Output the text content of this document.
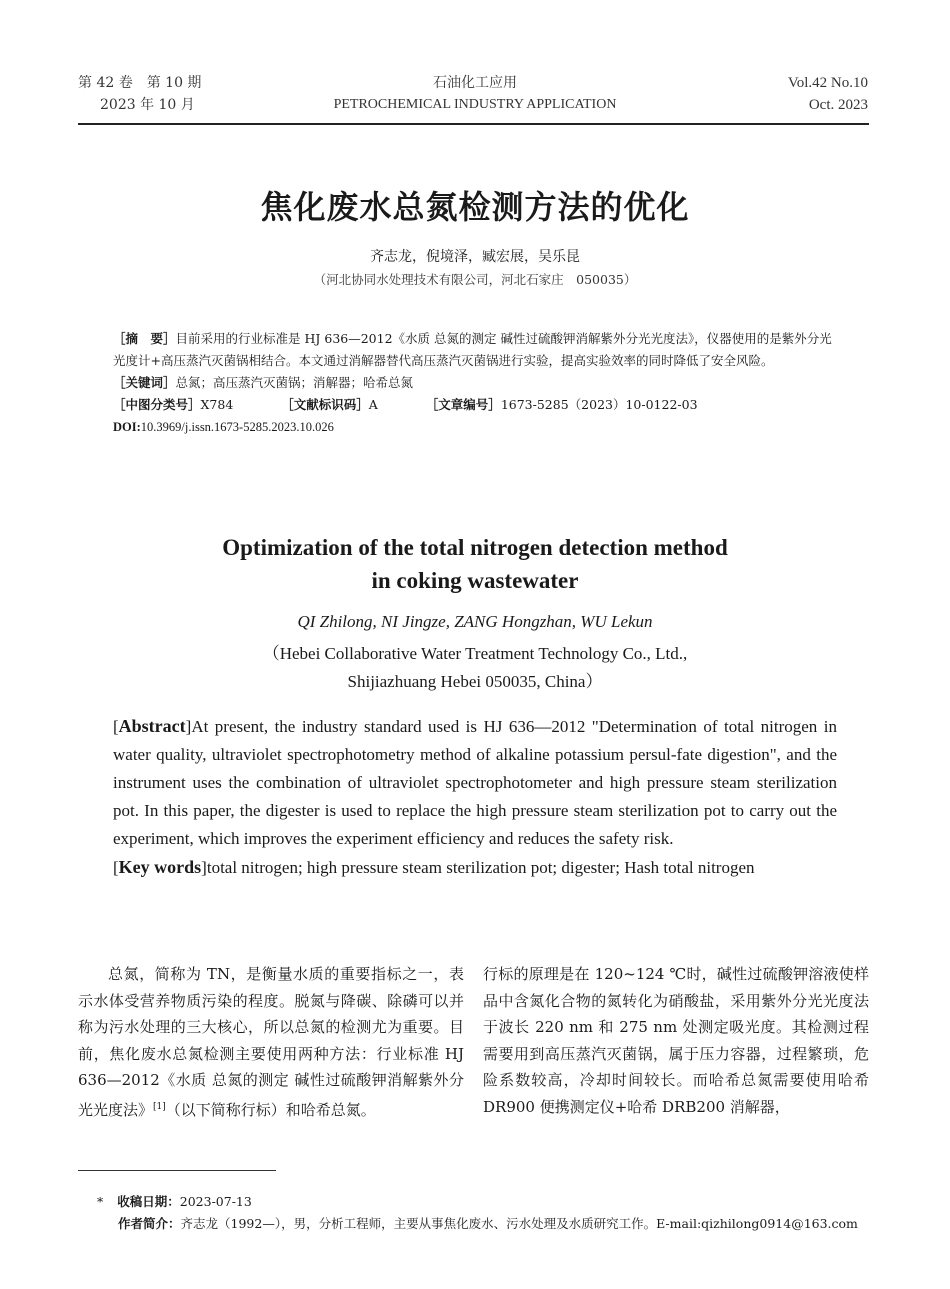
第 42 卷　第 10 期
2023 年 10 月
石油化工应用
PETROCHEMICAL INDUSTRY APPLICATION
Vol.42 No.10
Oct. 2023
焦化废水总氮检测方法的优化
齐志龙，倪境泽，臧宏展，吴乐昆
（河北协同水处理技术有限公司，河北石家庄　050035）

［摘　要］目前采用的行业标准是 HJ 636—2012《水质 总氮的测定 碱性过硫酸钾消解紫外分光光度法》，仪器使用的是紫外分光光度计+高压蒸汽灭菌锅相结合。本文通过消解器替代高压蒸汽灭菌锅进行实验，提高实验效率的同时降低了安全风险。

［关键词］总氮；高压蒸汽灭菌锅；消解器；哈希总氮

［中图分类号］X784	［文献标识码］A	［文章编号］1673-5285（2023）10-0122-03

DOI:10.3969/j.issn.1673-5285.2023.10.026

Optimization of the total nitrogen detection method
in coking wastewater
QI Zhilong, NI Jingze, ZANG Hongzhan, WU Lekun
（Hebei Collaborative Water Treatment Technology Co., Ltd.,
Shijiazhuang Hebei 050035, China）

[Abstract]At present, the industry standard used is HJ 636—2012 "Determination of total nitrogen in water quality, ultraviolet spectrophotometry method of alkaline potassium persul-fate digestion", and the instrument uses the combination of ultraviolet spectrophotometer and high pressure steam sterilization pot. In this paper, the digester is used to replace the high pressure steam sterilization pot to carry out the experiment, which improves the experiment efficiency and reduces the safety risk.

[Key words]total nitrogen; high pressure steam sterilization pot; digester; Hash total nitrogen

总氮，简称为 TN，是衡量水质的重要指标之一，表示水体受营养物质污染的程度。脱氮与降碳、除磷可以并称为污水处理的三大核心，所以总氮的检测尤为重要。目前，焦化废水总氮检测主要使用两种方法：行业标准 HJ 636—2012《水质 总氮的测定 碱性过硫酸钾消解紫外分光光度法》[1]（以下简称行标）和哈希总氮。

行标的原理是在 120~124 ℃时，碱性过硫酸钾溶液使样品中含氮化合物的氮转化为硝酸盐，采用紫外分光光度法于波长 220 nm 和 275 nm 处测定吸光度。其检测过程需要用到高压蒸汽灭菌锅，属于压力容器，过程繁琐，危险系数较高，冷却时间较长。而哈希总氮需要使用哈希 DR900 便携测定仪+哈希 DRB200 消解器，

* 收稿日期：2023-07-13
作者简介：齐志龙（1992—），男，分析工程师，主要从事焦化废水、污水处理及水质研究工作。E-mail:qizhilong0914@163.com
